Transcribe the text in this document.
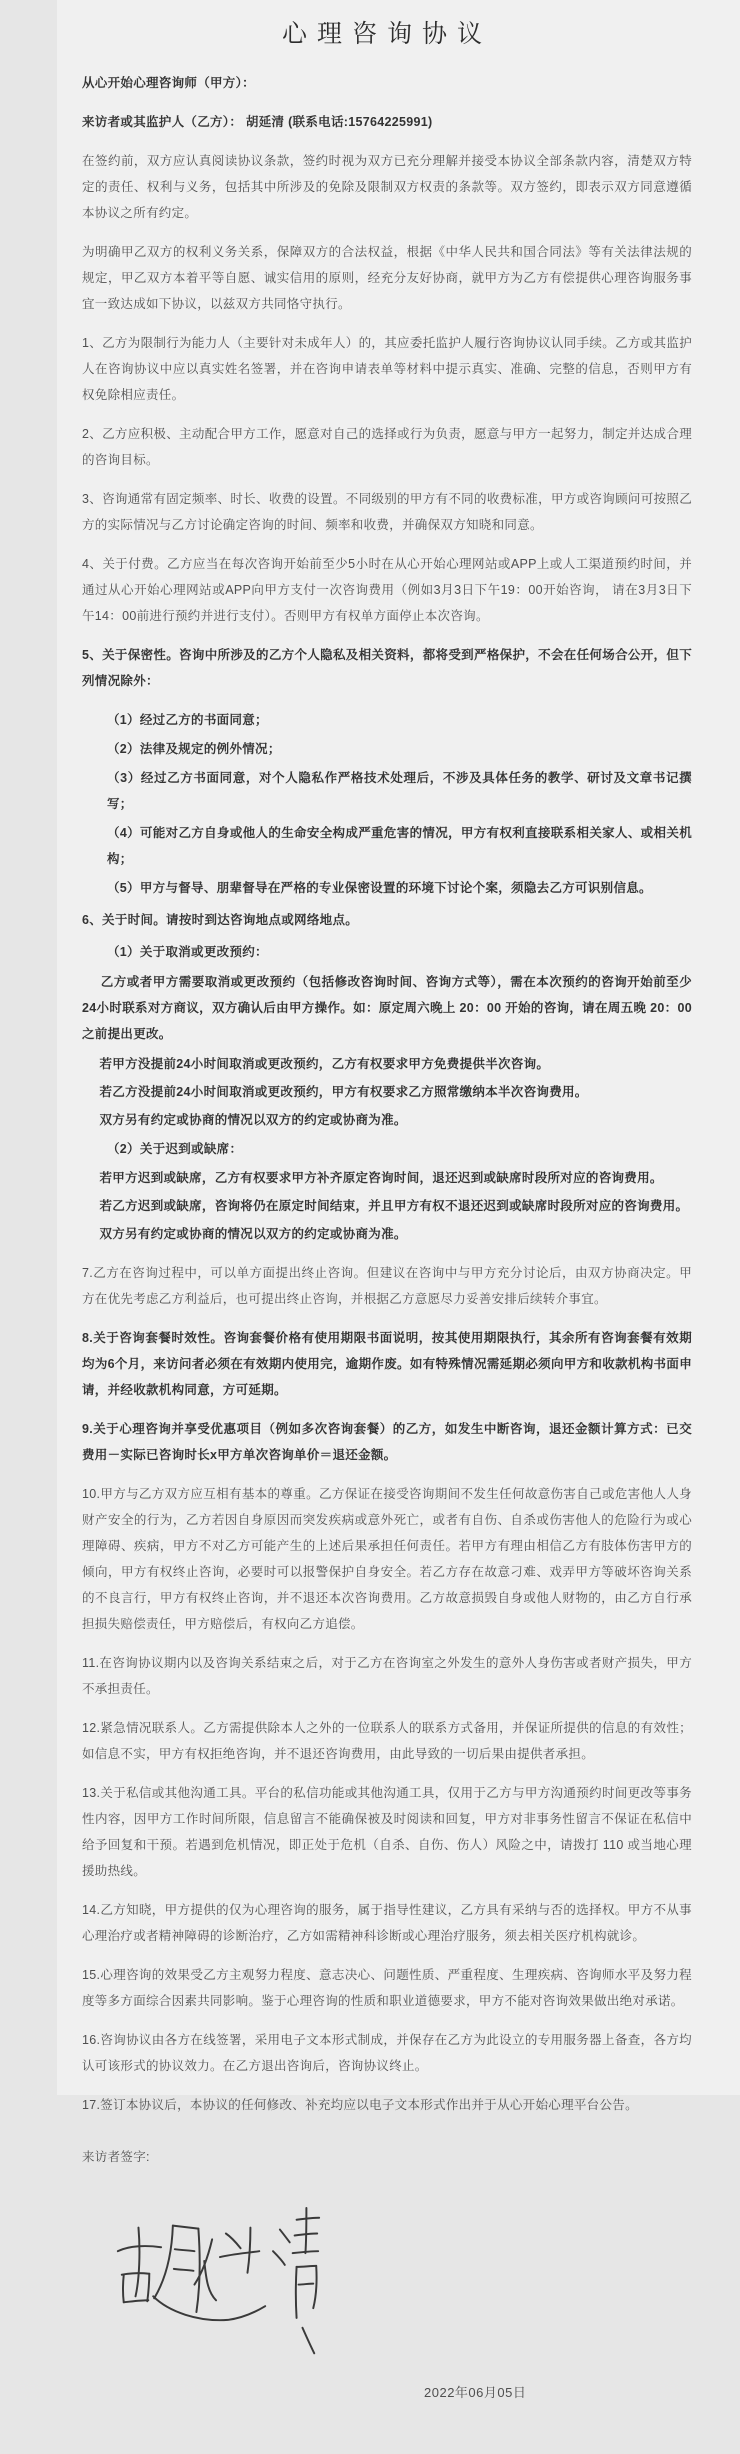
心理咨询协议

从心开始心理咨询师（甲方）：

来访者或其监护人（乙方）： 胡延清 (联系电话:15764225991)

在签约前，双方应认真阅读协议条款，签约时视为双方已充分理解并接受本协议全部条款内容，清楚双方特定的责任、权利与义务，包括其中所涉及的免除及限制双方权责的条款等。双方签约，即表示双方同意遵循本协议之所有约定。

为明确甲乙双方的权利义务关系，保障双方的合法权益，根据《中华人民共和国合同法》等有关法律法规的规定，甲乙双方本着平等自愿、诚实信用的原则，经充分友好协商，就甲方为乙方有偿提供心理咨询服务事宜一致达成如下协议，以兹双方共同恪守执行。

1、乙方为限制行为能力人（主要针对未成年人）的，其应委托监护人履行咨询协议认同手续。乙方或其监护人在咨询协议中应以真实姓名签署，并在咨询申请表单等材料中提示真实、准确、完整的信息，否则甲方有权免除相应责任。

2、乙方应积极、主动配合甲方工作，愿意对自己的选择或行为负责，愿意与甲方一起努力，制定并达成合理的咨询目标。

3、咨询通常有固定频率、时长、收费的设置。不同级别的甲方有不同的收费标准，甲方或咨询顾问可按照乙方的实际情况与乙方讨论确定咨询的时间、频率和收费，并确保双方知晓和同意。

4、关于付费。乙方应当在每次咨询开始前至少5小时在从心开始心理网站或APP上或人工渠道预约时间，并通过从心开始心理网站或APP向甲方支付一次咨询费用（例如3月3日下午19：00开始咨询， 请在3月3日下午14：00前进行预约并进行支付）。否则甲方有权单方面停止本次咨询。

5、关于保密性。咨询中所涉及的乙方个人隐私及相关资料，都将受到严格保护，不会在任何场合公开，但下列情况除外：

（1）经过乙方的书面同意；

（2）法律及规定的例外情况；

（3）经过乙方书面同意，对个人隐私作严格技术处理后，不涉及具体任务的教学、研讨及文章书记撰写；

（4）可能对乙方自身或他人的生命安全构成严重危害的情况，甲方有权利直接联系相关家人、或相关机构；

（5）甲方与督导、朋辈督导在严格的专业保密设置的环境下讨论个案，须隐去乙方可识别信息。

6、关于时间。请按时到达咨询地点或网络地点。

（1）关于取消或更改预约：

乙方或者甲方需要取消或更改预约（包括修改咨询时间、咨询方式等），需在本次预约的咨询开始前至少24小时联系对方商议，双方确认后由甲方操作。如：原定周六晚上 20：00 开始的咨询，请在周五晚 20：00 之前提出更改。

若甲方没提前24小时间取消或更改预约，乙方有权要求甲方免费提供半次咨询。

若乙方没提前24小时间取消或更改预约，甲方有权要求乙方照常缴纳本半次咨询费用。

双方另有约定或协商的情况以双方的约定或协商为准。

（2）关于迟到或缺席：

若甲方迟到或缺席，乙方有权要求甲方补齐原定咨询时间，退还迟到或缺席时段所对应的咨询费用。

若乙方迟到或缺席，咨询将仍在原定时间结束，并且甲方有权不退还迟到或缺席时段所对应的咨询费用。

双方另有约定或协商的情况以双方的约定或协商为准。

7.乙方在咨询过程中，可以单方面提出终止咨询。但建议在咨询中与甲方充分讨论后，由双方协商决定。甲方在优先考虑乙方利益后，也可提出终止咨询，并根据乙方意愿尽力妥善安排后续转介事宜。

8.关于咨询套餐时效性。咨询套餐价格有使用期限书面说明，按其使用期限执行，其余所有咨询套餐有效期均为6个月，来访问者必须在有效期内使用完，逾期作废。如有特殊情况需延期必须向甲方和收款机构书面申请，并经收款机构同意，方可延期。

9.关于心理咨询并享受优惠项目（例如多次咨询套餐）的乙方，如发生中断咨询，退还金额计算方式：已交费用－实际已咨询时长x甲方单次咨询单价＝退还金额。

10.甲方与乙方双方应互相有基本的尊重。乙方保证在接受咨询期间不发生任何故意伤害自己或危害他人人身财产安全的行为，乙方若因自身原因而突发疾病或意外死亡，或者有自伤、自杀或伤害他人的危险行为或心理障碍、疾病，甲方不对乙方可能产生的上述后果承担任何责任。若甲方有理由相信乙方有肢体伤害甲方的倾向，甲方有权终止咨询，必要时可以报警保护自身安全。若乙方存在故意刁难、戏弄甲方等破坏咨询关系的不良言行，甲方有权终止咨询，并不退还本次咨询费用。乙方故意损毁自身或他人财物的，由乙方自行承担损失赔偿责任，甲方赔偿后，有权向乙方追偿。

11.在咨询协议期内以及咨询关系结束之后，对于乙方在咨询室之外发生的意外人身伤害或者财产损失，甲方不承担责任。

12.紧急情况联系人。乙方需提供除本人之外的一位联系人的联系方式备用，并保证所提供的信息的有效性；如信息不实，甲方有权拒绝咨询，并不退还咨询费用，由此导致的一切后果由提供者承担。

13.关于私信或其他沟通工具。平台的私信功能或其他沟通工具，仅用于乙方与甲方沟通预约时间更改等事务性内容，因甲方工作时间所限，信息留言不能确保被及时阅读和回复，甲方对非事务性留言不保证在私信中给予回复和干预。若遇到危机情况，即正处于危机（自杀、自伤、伤人）风险之中，请拨打 110 或当地心理援助热线。

14.乙方知晓，甲方提供的仅为心理咨询的服务，属于指导性建议，乙方具有采纳与否的选择权。甲方不从事心理治疗或者精神障碍的诊断治疗，乙方如需精神科诊断或心理治疗服务，须去相关医疗机构就诊。

15.心理咨询的效果受乙方主观努力程度、意志决心、问题性质、严重程度、生理疾病、咨询师水平及努力程度等多方面综合因素共同影响。鉴于心理咨询的性质和职业道德要求，甲方不能对咨询效果做出绝对承诺。

16.咨询协议由各方在线签署，采用电子文本形式制成，并保存在乙方为此设立的专用服务器上备查，各方均认可该形式的协议效力。在乙方退出咨询后，咨询协议终止。

17.签订本协议后，本协议的任何修改、补充均应以电子文本形式作出并于从心开始心理平台公告。

来访者签字:

2022年06月05日
